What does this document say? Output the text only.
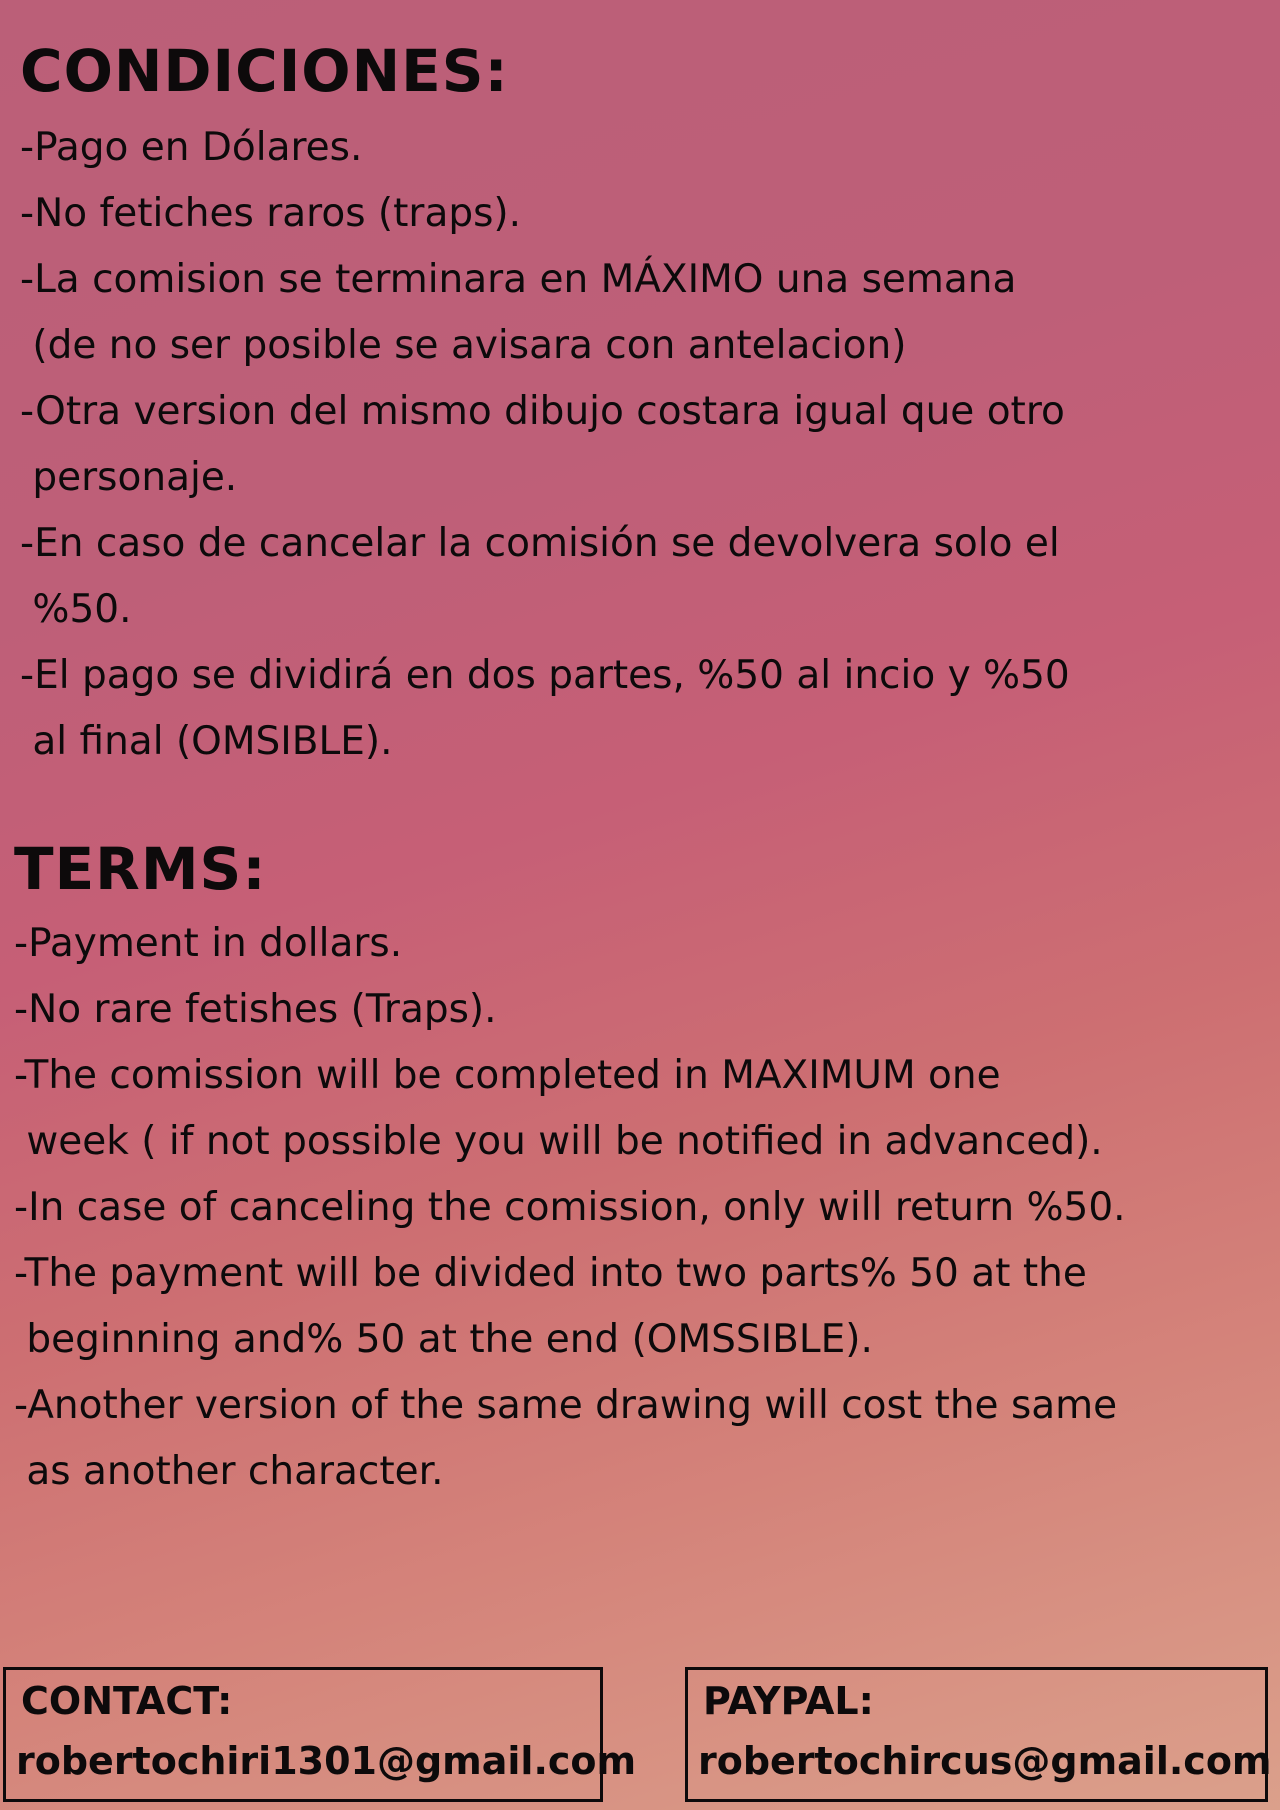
CONDICIONES:
-Pago en Dólares.
-No fetiches raros (traps).
-La comision se terminara en MÁXIMO una semana
(de no ser posible se avisara con antelacion)
-Otra version del mismo dibujo costara igual que otro
personaje.
-En caso de cancelar la comisión se devolvera solo el
%50.
-El pago se dividirá en dos partes, %50 al incio y %50
al final (OMSIBLE).
TERMS:
-Payment in dollars.
-No rare fetishes (Traps).
-The comission will be completed in MAXIMUM one
week ( if not possible you will be notified in advanced).
-In case of canceling the comission, only will return %50.
-The payment will be divided into two parts% 50 at the
beginning and% 50 at the end (OMSSIBLE).
-Another version of the same drawing will cost the same
as another character.
CONTACT:
robertochiri1301@gmail.com
PAYPAL:
robertochircus@gmail.com
